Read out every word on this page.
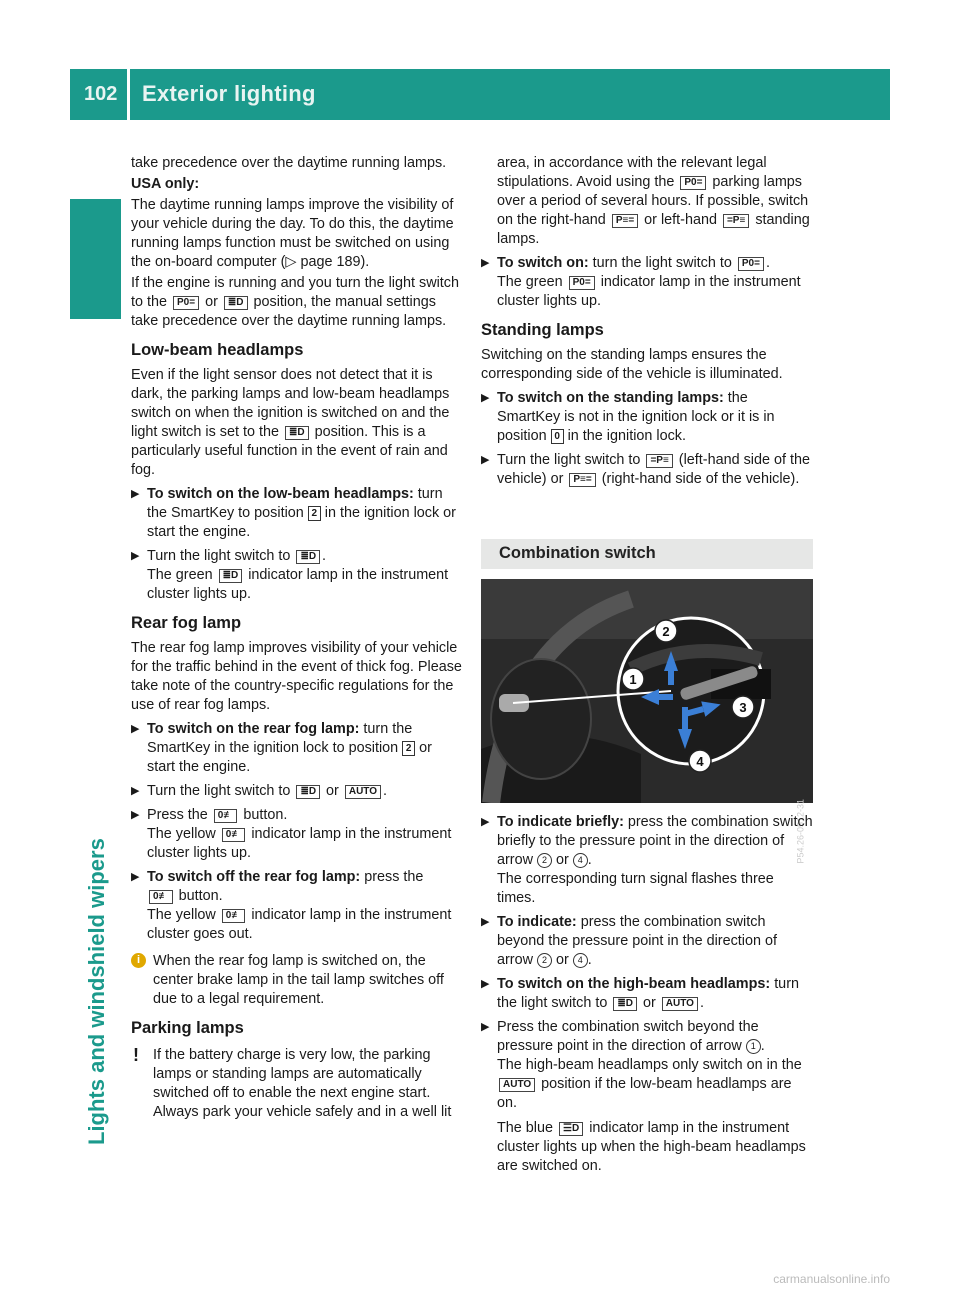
102 Exterior lighting
Lights and windshield wipers

take precedence over the daytime running lamps.

USA only:

The daytime running lamps improve the visibility of your vehicle during the day. To do this, the daytime running lamps function must be switched on using the on-board computer (▷ page 189).

If the engine is running and you turn the light switch to the P0= or ≣D position, the manual settings take precedence over the daytime running lamps.

Low-beam headlamps

Even if the light sensor does not detect that it is dark, the parking lamps and low-beam headlamps switch on when the ignition is switched on and the light switch is set to the ≣D position. This is a particularly useful function in the event of rain and fog.

▶ To switch on the low-beam headlamps: turn the SmartKey to position 2 in the ignition lock or start the engine.
▶ Turn the light switch to ≣D .
The green ≣D indicator lamp in the instrument cluster lights up.
Rear fog lamp

The rear fog lamp improves visibility of your vehicle for the traffic behind in the event of thick fog. Please take note of the country-specific regulations for the use of rear fog lamps.

▶ To switch on the rear fog lamp: turn the SmartKey in the ignition lock to position 2 or start the engine.
▶ Turn the light switch to ≣D or AUTO .
▶ Press the 0≢ button.
The yellow 0≢ indicator lamp in the instrument cluster lights up.
▶ To switch off the rear fog lamp: press the
0≢ button.
The yellow 0≢ indicator lamp in the instrument cluster goes out.
i When the rear fog lamp is switched on, the center brake lamp in the tail lamp switches off due to a legal requirement.
Parking lamps
! If the battery charge is very low, the parking lamps or standing lamps are automatically switched off to enable the next engine start. Always park your vehicle safely and in a well lit

area, in accordance with the relevant legal stipulations. Avoid using the P0= parking lamps over a period of several hours. If possible, switch on the right-hand P≡= or left-hand =P≡ standing lamps.

▶ To switch on: turn the light switch to P0= .
The green P0= indicator lamp in the instrument cluster lights up.
Standing lamps

Switching on the standing lamps ensures the corresponding side of the vehicle is illuminated.

▶ To switch on the standing lamps: the SmartKey is not in the ignition lock or it is in position 0 in the ignition lock.
▶ Turn the light switch to =P≡ (left-hand side of the vehicle) or P≡= (right-hand side of the vehicle).
Combination switch
2
1
3
4
P54.26-0512-31
▶ To indicate briefly: press the combination switch briefly to the pressure point in the direction of arrow 2 or 4 .
The corresponding turn signal flashes three times.
▶ To indicate: press the combination switch beyond the pressure point in the direction of arrow 2 or 4 .
▶ To switch on the high-beam headlamps: turn the light switch to ≣D or AUTO .
▶ Press the combination switch beyond the pressure point in the direction of arrow 1 .
The high-beam headlamps only switch on in the AUTO position if the low-beam headlamps are on.
The blue ☰D indicator lamp in the instrument cluster lights up when the high-beam headlamps are switched on.
carmanualsonline.info
